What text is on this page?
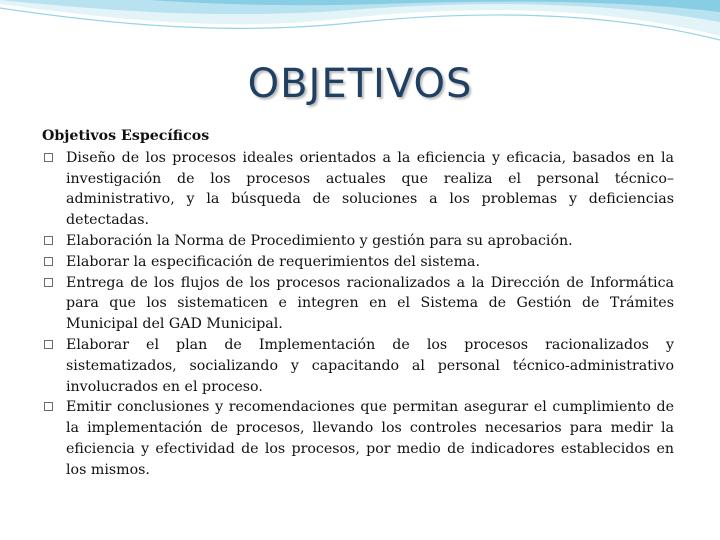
OBJETIVOS
Objetivos Específicos
Diseño de los procesos ideales orientados a la eficiencia y eficacia, basados en la investigación de los procesos actuales que realiza el personal técnico–administrativo, y la búsqueda de soluciones a los problemas y deficiencias detectadas.
Elaboración la Norma de Procedimiento y gestión para su aprobación.
Elaborar la especificación de requerimientos del sistema.
Entrega de los flujos de los procesos racionalizados a la Dirección de Informática para que los sistematicen e integren en el Sistema de Gestión de Trámites Municipal del GAD Municipal.
Elaborar el plan de Implementación de los procesos racionalizados y sistematizados, socializando y capacitando al personal técnico-administrativo involucrados en el proceso.
Emitir conclusiones y recomendaciones que permitan asegurar el cumplimiento de la implementación de procesos, llevando los controles necesarios para medir la eficiencia y efectividad de los procesos, por medio de indicadores establecidos en los mismos.
